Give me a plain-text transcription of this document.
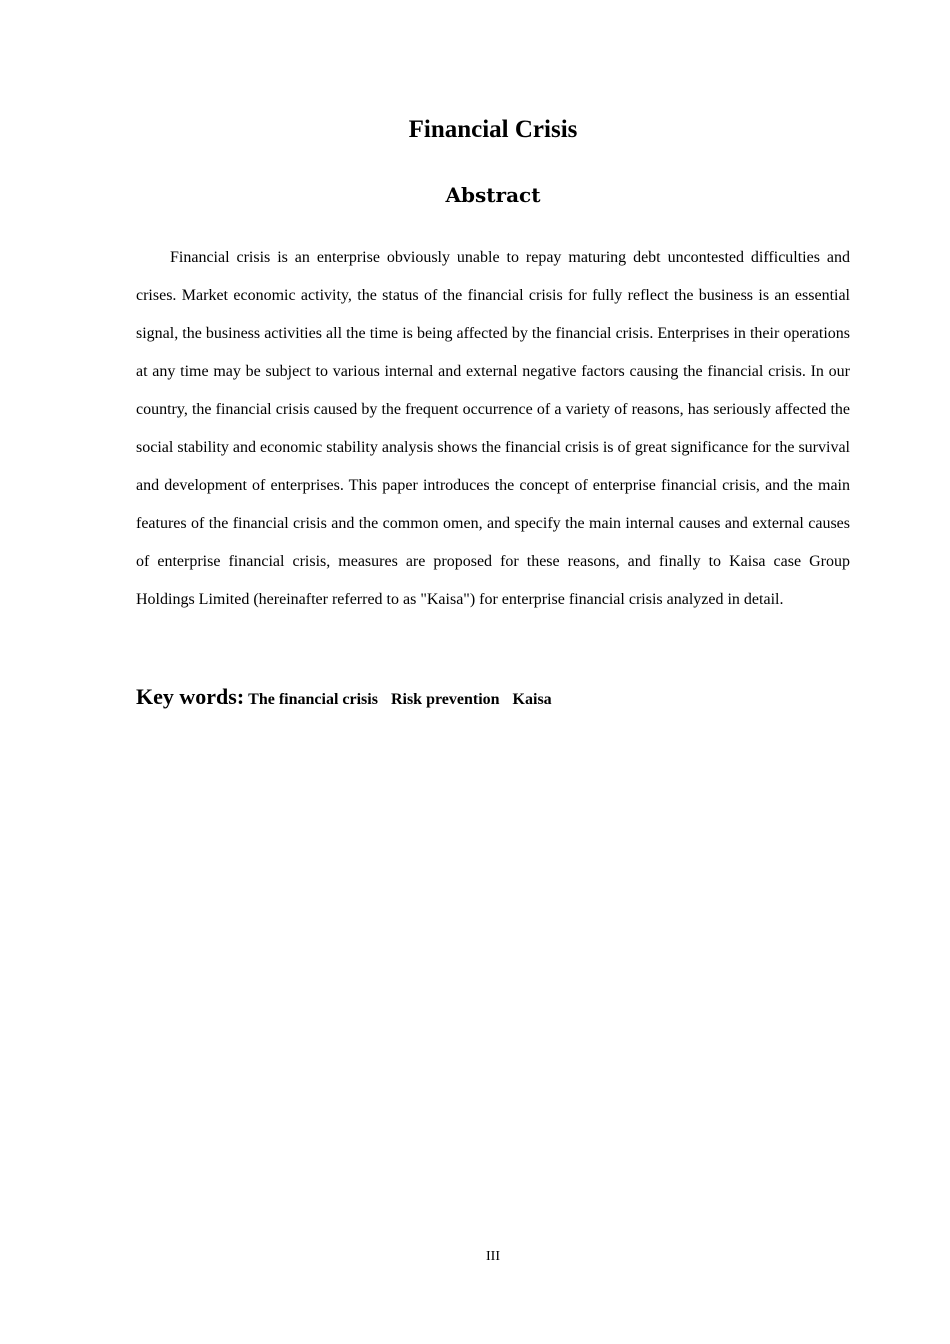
Financial Crisis
Abstract

Financial crisis is an enterprise obviously unable to repay maturing debt uncontested difficulties and crises. Market economic activity, the status of the financial crisis for fully reflect the business is an essential signal, the business activities all the time is being affected by the financial crisis. Enterprises in their operations at any time may be subject to various internal and external negative factors causing the financial crisis. In our country, the financial crisis caused by the frequent occurrence of a variety of reasons, has seriously affected the social stability and economic stability analysis shows the financial crisis is of great significance for the survival and development of enterprises. This paper introduces the concept of enterprise financial crisis, and the main features of the financial crisis and the common omen, and specify the main internal causes and external causes of enterprise financial crisis, measures are proposed for these reasons, and finally to Kaisa case Group Holdings Limited (hereinafter referred to as "Kaisa") for enterprise financial crisis analyzed in detail.

Key words: The financial crisis Risk prevention Kaisa

III
